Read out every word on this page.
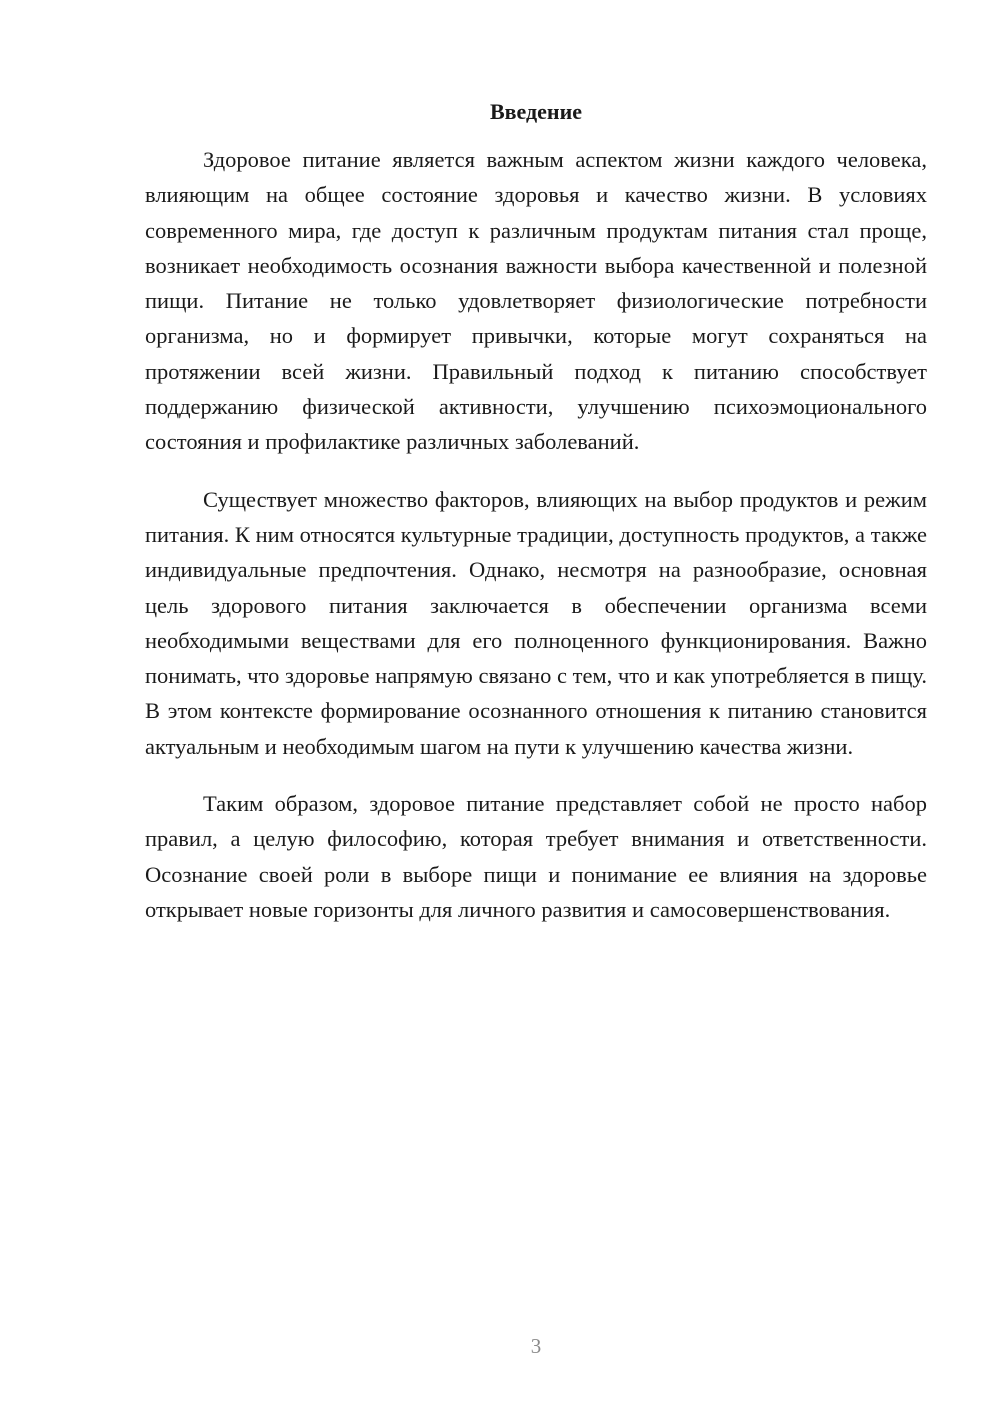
Введение

Здоровое питание является важным аспектом жизни каждого человека, влияющим на общее состояние здоровья и качество жизни. В условиях современного мира, где доступ к различным продуктам питания стал проще, возникает необходимость осознания важности выбора качественной и полезной пищи. Питание не только удовлетворяет физиологические потребности организма, но и формирует привычки, которые могут сохраняться на протяжении всей жизни. Правильный подход к питанию способствует поддержанию физической активности, улучшению психоэмоционального состояния и профилактике различных заболеваний.

Существует множество факторов, влияющих на выбор продуктов и режим питания. К ним относятся культурные традиции, доступность продуктов, а также индивидуальные предпочтения. Однако, несмотря на разнообразие, основная цель здорового питания заключается в обеспечении организма всеми необходимыми веществами для его полноценного функционирования. Важно понимать, что здоровье напрямую связано с тем, что и как употребляется в пищу. В этом контексте формирование осознанного отношения к питанию становится актуальным и необходимым шагом на пути к улучшению качества жизни.

Таким образом, здоровое питание представляет собой не просто набор правил, а целую философию, которая требует внимания и ответственности. Осознание своей роли в выборе пищи и понимание ее влияния на здоровье открывает новые горизонты для личного развития и самосовершенствования.

3
